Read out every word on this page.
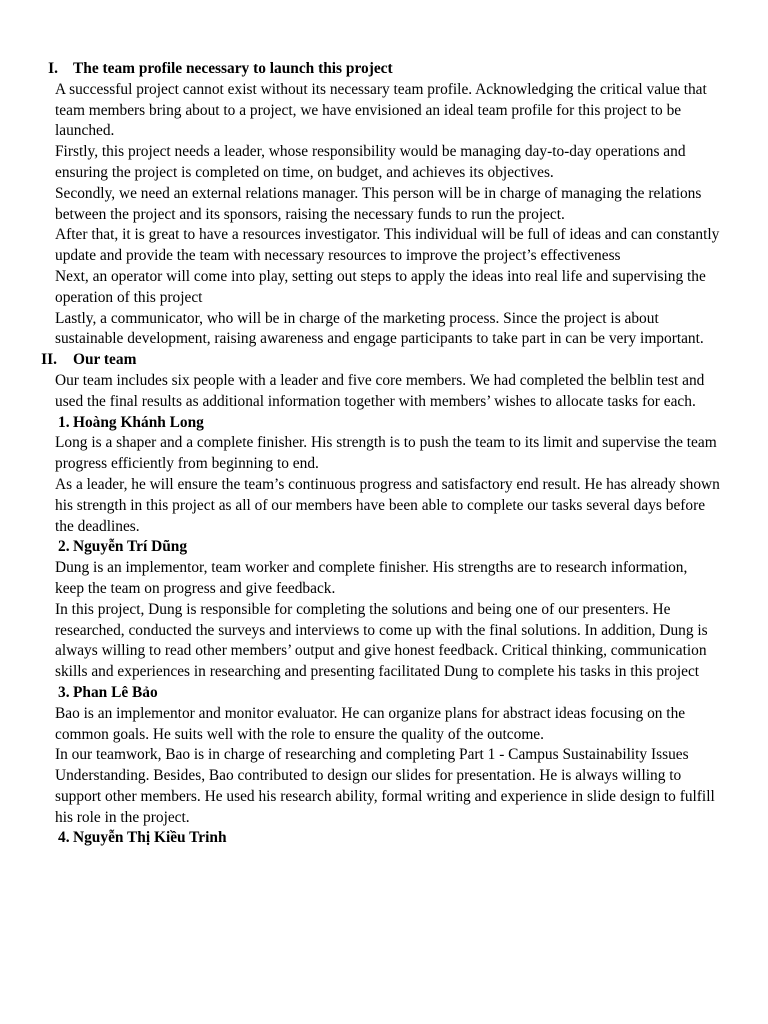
I. The team profile necessary to launch this project
A successful project cannot exist without its necessary team profile. Acknowledging the critical value that team members bring about to a project, we have envisioned an ideal team profile for this project to be launched.
Firstly, this project needs a leader, whose responsibility would be managing day-to-day operations and ensuring the project is completed on time, on budget, and achieves its objectives.
Secondly, we need an external relations manager. This person will be in charge of managing the relations between the project and its sponsors, raising the necessary funds to run the project.
After that, it is great to have a resources investigator. This individual will be full of ideas and can constantly update and provide the team with necessary resources to improve the project’s effectiveness
Next, an operator will come into play, setting out steps to apply the ideas into real life and supervising the operation of this project
Lastly, a communicator, who will be in charge of the marketing process. Since the project is about sustainable development, raising awareness and engage participants to take part in can be very important.
II. Our team
Our team includes six people with a leader and five core members. We had completed the belblin test and used the final results as additional information together with members’ wishes to allocate tasks for each.
1. Hoàng Khánh Long
Long is a shaper and a complete finisher. His strength is to push the team to its limit and supervise the team progress efficiently from beginning to end.
As a leader, he will ensure the team’s continuous progress and satisfactory end result. He has already shown his strength in this project as all of our members have been able to complete our tasks several days before the deadlines.
2. Nguyễn Trí Dũng
Dung is an implementor, team worker and complete finisher. His strengths are to research information, keep the team on progress and give feedback.
In this project, Dung is responsible for completing the solutions and being one of our presenters. He researched, conducted the surveys and interviews to come up with the final solutions. In addition, Dung is always willing to read other members’ output and give honest feedback. Critical thinking, communication skills and experiences in researching and presenting facilitated Dung to complete his tasks in this project
3. Phan Lê Bảo
Bao is an implementor and monitor evaluator. He can organize plans for abstract ideas focusing on the common goals. He suits well with the role to ensure the quality of the outcome.
In our teamwork, Bao is in charge of researching and completing Part 1 - Campus Sustainability Issues Understanding. Besides, Bao contributed to design our slides for presentation. He is always willing to support other members. He used his research ability, formal writing and experience in slide design to fulfill his role in the project.
4. Nguyễn Thị Kiều Trinh
